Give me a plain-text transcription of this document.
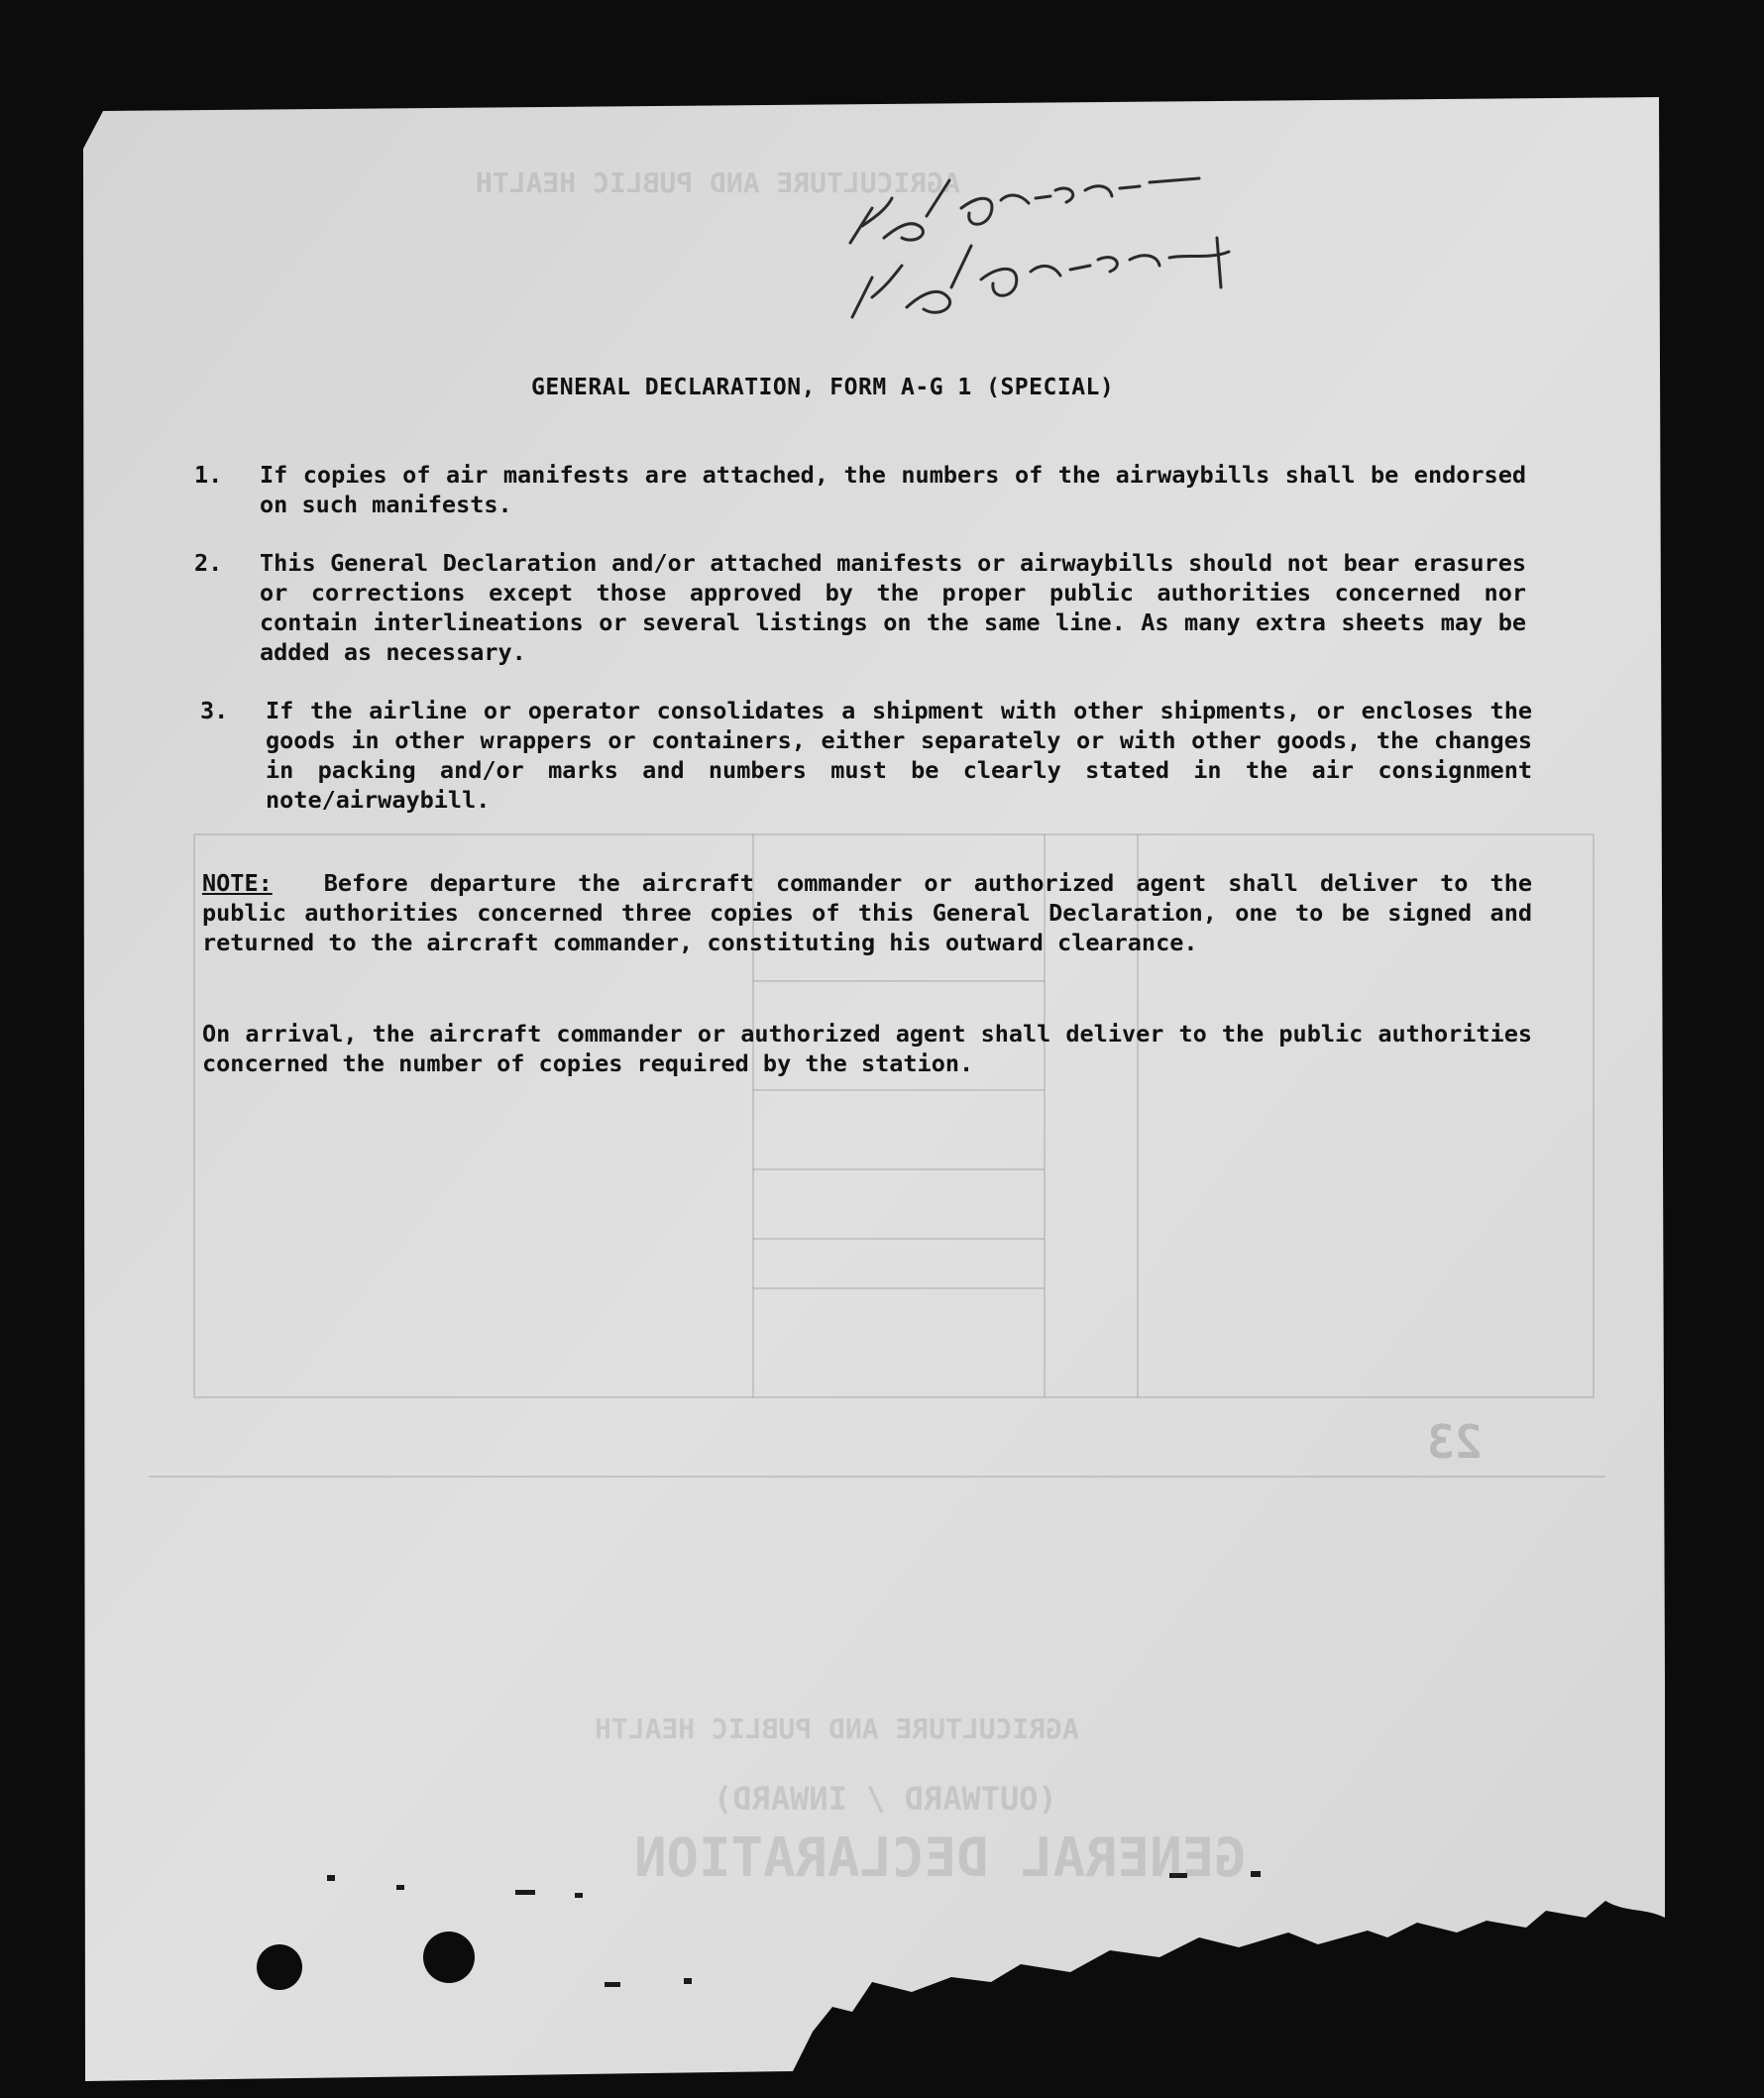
AGRICULTURE AND PUBLIC HEALTH
AGRICULTURE AND PUBLIC HEALTH
(OUTWARD / INWARD)
GENERAL DECLARATION
23
GENERAL DECLARATION, FORM A-G 1 (SPECIAL)
1. If copies of air manifests are attached, the numbers of the airwaybills shall be endorsed on such manifests.
2. This General Declaration and/or attached manifests or airwaybills should not bear erasures or corrections except those approved by the proper public authorities concerned nor contain interlineations or several listings on the same line. As many extra sheets may be added as necessary.
3. If the airline or operator consolidates a shipment with other shipments, or encloses the goods in other wrappers or containers, either separately or with other goods, the changes in packing and/or marks and numbers must be clearly stated in the air consignment note/airwaybill.

NOTE: Before departure the aircraft commander or authorized agent shall deliver to the public authorities concerned three copies of this General Declaration, one to be signed and returned to the aircraft commander, constituting his outward clearance.

On arrival, the aircraft commander or authorized agent shall deliver to the public authorities concerned the number of copies required by the station.
